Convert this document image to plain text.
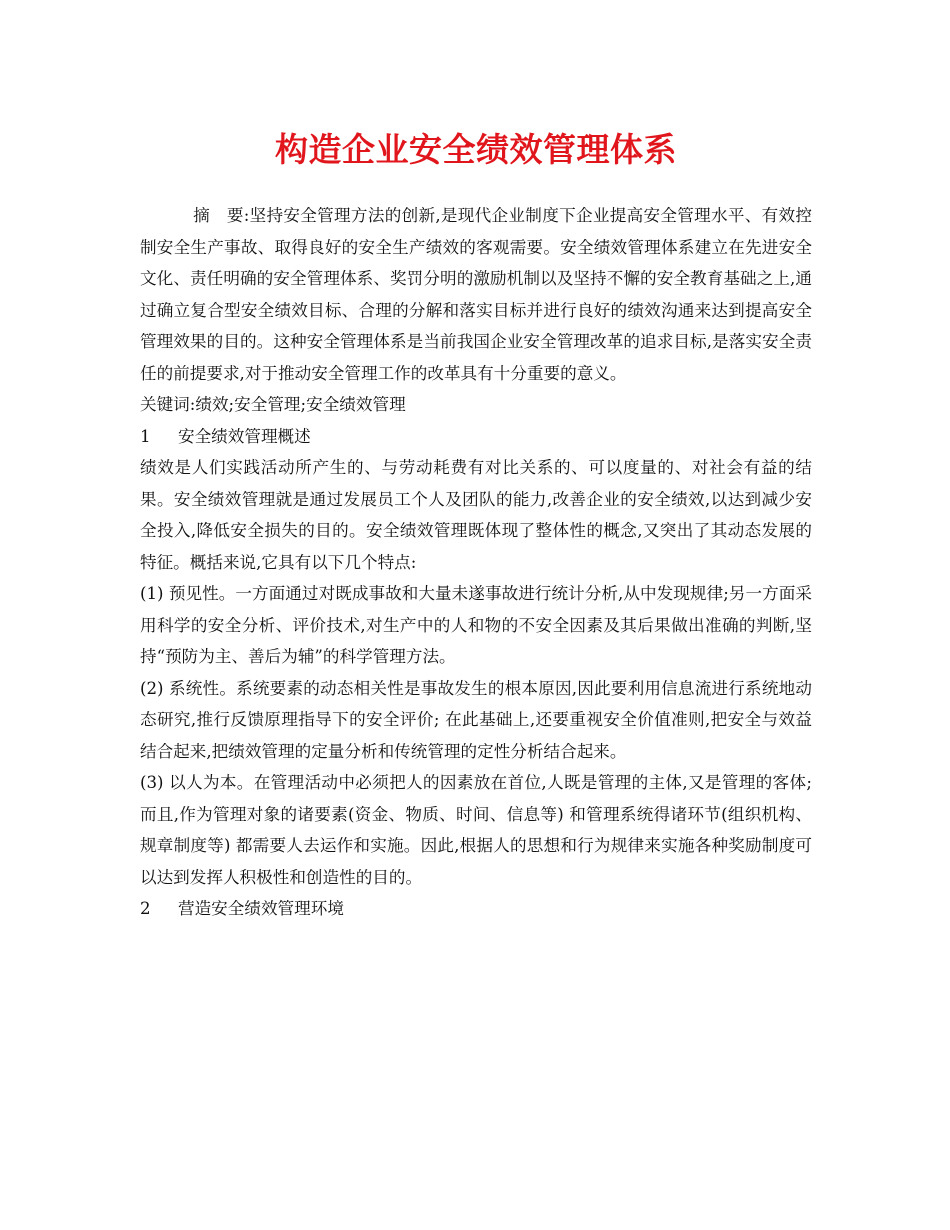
构造企业安全绩效管理体系

摘　要:坚持安全管理方法的创新,是现代企业制度下企业提高安全管理水平、有效控制安全生产事故、取得良好的安全生产绩效的客观需要。安全绩效管理体系建立在先进安全文化、责任明确的安全管理体系、奖罚分明的激励机制以及坚持不懈的安全教育基础之上,通过确立复合型安全绩效目标、合理的分解和落实目标并进行良好的绩效沟通来达到提高安全管理效果的目的。这种安全管理体系是当前我国企业安全管理改革的追求目标,是落实安全责任的前提要求,对于推动安全管理工作的改革具有十分重要的意义。

关键词:绩效;安全管理;安全绩效管理

1 安全绩效管理概述

绩效是人们实践活动所产生的、与劳动耗费有对比关系的、可以度量的、对社会有益的结果。安全绩效管理就是通过发展员工个人及团队的能力,改善企业的安全绩效,以达到减少安全投入,降低安全损失的目的。安全绩效管理既体现了整体性的概念,又突出了其动态发展的特征。概括来说,它具有以下几个特点:

(1) 预见性。一方面通过对既成事故和大量未遂事故进行统计分析,从中发现规律;另一方面采用科学的安全分析、评价技术,对生产中的人和物的不安全因素及其后果做出准确的判断,坚持“预防为主、善后为辅”的科学管理方法。

(2) 系统性。系统要素的动态相关性是事故发生的根本原因,因此要利用信息流进行系统地动态研究,推行反馈原理指导下的安全评价; 在此基础上,还要重视安全价值准则,把安全与效益结合起来,把绩效管理的定量分析和传统管理的定性分析结合起来。

(3) 以人为本。在管理活动中必须把人的因素放在首位,人既是管理的主体,又是管理的客体;而且,作为管理对象的诸要素(资金、物质、时间、信息等) 和管理系统得诸环节(组织机构、规章制度等) 都需要人去运作和实施。因此,根据人的思想和行为规律来实施各种奖励制度可以达到发挥人积极性和创造性的目的。

2 营造安全绩效管理环境
